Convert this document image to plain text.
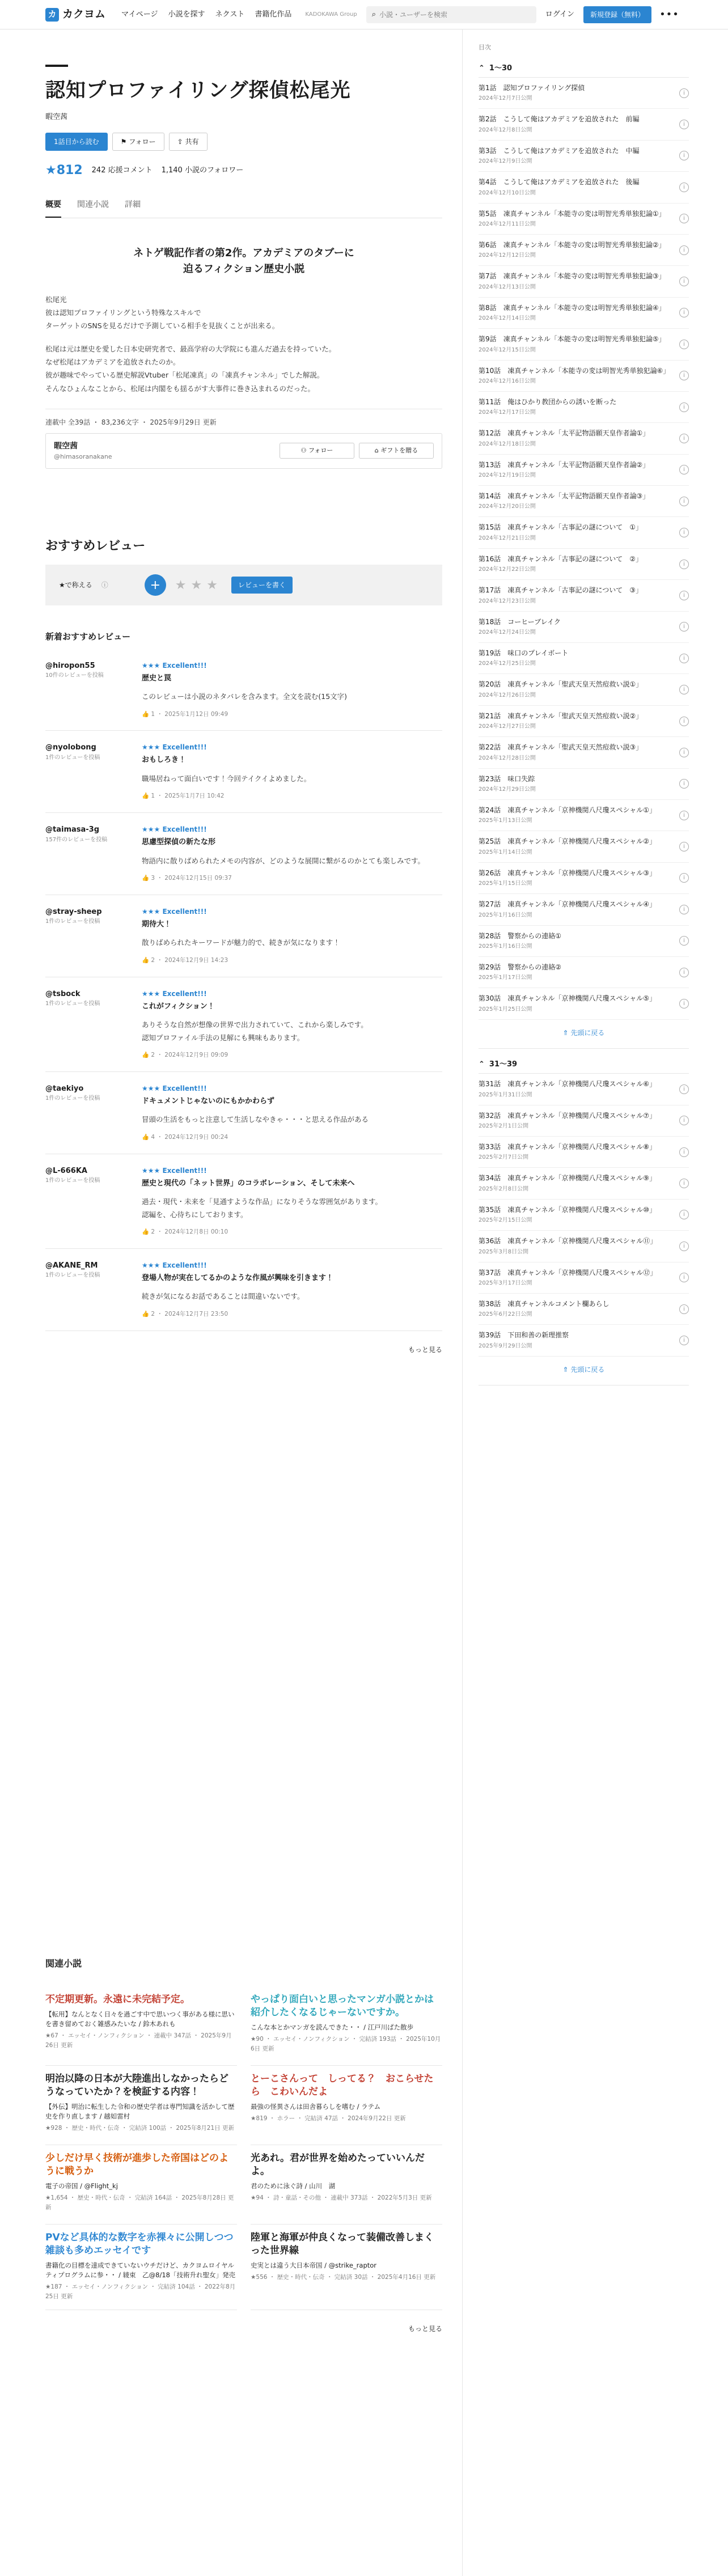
カ カクヨム マイページ 小説を探す ネクスト 書籍化作品 KADOKAWA Group ⌕
小説・ユーザーを検索	ログイン	新規登録（無料）	•••
認知プロファイリング探偵松尾光
暇空茜
1話目から読む	⚑ フォロー	⇧ 共有
★812 242 応援コメント 1,140 小説のフォロワー
概要 関連小説 詳細
ネトゲ戦記作者の第2作。アカデミアのタブーに迫るフィクション歴史小説

松尾光
彼は認知プロファイリングという特殊なスキルで
ターゲットのSNSを見るだけで予測している相手を見抜くことが出来る。

松尾は元は歴史を愛した日本史研究者で、最高学府の大学院にも進んだ過去を持っていた。
なぜ松尾はアカデミアを追放されたのか。
彼が趣味でやっている歴史解説Vtuber「松尾凍真」の「凍真チャンネル」でした解説。
そんなひょんなことから、松尾は内閣をも揺るがす大事件に巻き込まれるのだった。

連載中 全39話 ・ 83,236文字 ・ 2025年9月29日 更新
暇空茜
@himasoranakane
⚇ フォロー	⌂ ギフトを贈る
おすすめレビュー
★で称える ⓘ	+	★★★	レビューを書く
新着おすすめレビュー
@hiropon55
10件のレビューを投稿
★★★ Excellent!!!
歴史と罠
このレビューは小説のネタバレを含みます。全文を読む(15文字)
👍 1 ・ 2025年1月12日 09:49
@nyolobong
1件のレビューを投稿
★★★ Excellent!!!
おもしろき！
職場居ねって面白いです！今回テイクイよめました。
👍 1 ・ 2025年1月7日 10:42
@taimasa-3g
157件のレビューを投稿
★★★ Excellent!!!
思慮型探偵の新たな形
物語内に散りばめられたメモの内容が、どのような展開に繋がるのかとても楽しみです。
👍 3 ・ 2024年12月15日 09:37
@stray-sheep
1件のレビューを投稿
★★★ Excellent!!!
期待大！
散りばめられたキーワードが魅力的で、続きが気になります！
👍 2 ・ 2024年12月9日 14:23
@tsbock
1件のレビューを投稿
★★★ Excellent!!!
これがフィクション！
ありそうな自然が想像の世界で出力されていて、これから楽しみです。
認知プロファイル手法の見解にも興味もあります。
👍 2 ・ 2024年12月9日 09:09
@taekiyo
1件のレビューを投稿
★★★ Excellent!!!
ドキュメントじゃないのにもかかわらず
冒頭の生活をもっと注意して生活しなやきゃ・・・と思える作品がある
👍 4 ・ 2024年12月9日 00:24
@L-666KA
1件のレビューを投稿
★★★ Excellent!!!
歴史と現代の「ネット世界」のコラボレーション、そして未来へ
過去・現代・未来を「見通すような作品」になりそうな雰囲気があります。
認編を、心待ちにしております。
👍 2 ・ 2024年12月8日 00:10
@AKANE_RM
1件のレビューを投稿
★★★ Excellent!!!
登場人物が実在してるかのような作風が興味を引きます！
続きが気になるお話であることは間違いないです。
👍 2 ・ 2024年12月7日 23:50
もっと見る
関連小説
不定期更新。永遠に未完結予定。
【転用】なんとなく日々を過ごす中で思いつく事がある様に思いを書き留めておく雑感みたいな / 鈴木あれも
★67 ・ エッセイ・ノンフィクション ・ 連載中 347話 ・ 2025年9月26日 更新
やっぱり面白いと思ったマンガ小説とかは紹介したくなるじゃーないですか。
こんな本とかマンガを読んできた・・ / 江戸川ぱた散歩
★90 ・ エッセイ・ノンフィクション ・ 完結済 193話 ・ 2025年10月6日 更新
明治以降の日本が大陸進出しなかったらどうなっていたか？を検証する内容！
【外伝】明治に転生した令和の歴史学者は専門知識を活かして歴史を作り直します / 越如雷村
★928 ・ 歴史・時代・伝奇 ・ 完結済 100話 ・ 2025年8月21日 更新
とーこさんって　しってる？　おこらせたら　こわいんだよ
最強の怪異さんは田舎暮らしを嗜む / ラテム
★819 ・ ホラー ・ 完結済 47話 ・ 2024年9月22日 更新
少しだけ早く技術が進歩した帝国はどのように戦うか
電子の帝国 / @Flight_kj
★1,654 ・ 歴史・時代・伝奇 ・ 完結済 164話 ・ 2025年8月28日 更新
光あれ。君が世界を始めたっていいんだよ。
君のために泳ぐ詩 / 山川　湖
★94 ・ 詩・童話・その他 ・ 連載中 373話 ・ 2022年5月3日 更新
PVなど具体的な数字を赤裸々に公開しつつ雑談も多めエッセイです
書籍化の目標を達成できていないウチだけど、カクヨムロイヤルティプログラムに参・・ / 綾束　乙@8/18「技術升れ聖女」発売
★187 ・ エッセイ・ノンフィクション ・ 完結済 104話 ・ 2022年8月25日 更新
陸軍と海軍が仲良くなって装備改善しまくった世界線
史実とは違う大日本帝国 / @strike_raptor
★556 ・ 歴史・時代・伝奇 ・ 完結済 30話 ・ 2025年4月16日 更新
もっと見る
目次
⌃ 1〜30
第1話　認知プロファイリング探偵
2024年12月7日公開
i
第2話　こうして俺はアカデミアを追放された　前編
2024年12月8日公開
i
第3話　こうして俺はアカデミアを追放された　中編
2024年12月9日公開
i
第4話　こうして俺はアカデミアを追放された　後編
2024年12月10日公開
i
第5話　凍真チャンネル「本能寺の変は明智光秀単独犯論①」
2024年12月11日公開
i
第6話　凍真チャンネル「本能寺の変は明智光秀単独犯論②」
2024年12月12日公開
i
第7話　凍真チャンネル「本能寺の変は明智光秀単独犯論③」
2024年12月13日公開
i
第8話　凍真チャンネル「本能寺の変は明智光秀単独犯論④」
2024年12月14日公開
i
第9話　凍真チャンネル「本能寺の変は明智光秀単独犯論⑤」
2024年12月15日公開
i
第10話　凍真チャンネル「本能寺の変は明智光秀単独犯論⑥」
2024年12月16日公開
i
第11話　俺はひかり教団からの誘いを断った
2024年12月17日公開
i
第12話　凍真チャンネル「太平記物語願天皇作者論①」
2024年12月18日公開
i
第13話　凍真チャンネル「太平記物語願天皇作者論②」
2024年12月19日公開
i
第14話　凍真チャンネル「太平記物語願天皇作者論③」
2024年12月20日公開
i
第15話　凍真チャンネル「古事記の謎について　①」
2024年12月21日公開
i
第16話　凍真チャンネル「古事記の謎について　②」
2024年12月22日公開
i
第17話　凍真チャンネル「古事記の謎について　③」
2024年12月23日公開
i
第18話　コーヒーブレイク
2024年12月24日公開
i
第19話　味口のプレイボート
2024年12月25日公開
i
第20話　凍真チャンネル「聖武天皇天然痘救い説①」
2024年12月26日公開
i
第21話　凍真チャンネル「聖武天皇天然痘救い説②」
2024年12月27日公開
i
第22話　凍真チャンネル「聖武天皇天然痘救い説③」
2024年12月28日公開
i
第23話　味口失踪
2024年12月29日公開
i
第24話　凍真チャンネル「京神機関八尺瓊スペシャル①」
2025年1月13日公開
i
第25話　凍真チャンネル「京神機関八尺瓊スペシャル②」
2025年1月14日公開
i
第26話　凍真チャンネル「京神機関八尺瓊スペシャル③」
2025年1月15日公開
i
第27話　凍真チャンネル「京神機関八尺瓊スペシャル④」
2025年1月16日公開
i
第28話　警察からの連絡①
2025年1月16日公開
i
第29話　警察からの連絡②
2025年1月17日公開
i
第30話　凍真チャンネル「京神機関八尺瓊スペシャル⑤」
2025年1月25日公開
i
⇑ 先頭に戻る
⌃ 31〜39
第31話　凍真チャンネル「京神機関八尺瓊スペシャル⑥」
2025年1月31日公開
i
第32話　凍真チャンネル「京神機関八尺瓊スペシャル⑦」
2025年2月1日公開
i
第33話　凍真チャンネル「京神機関八尺瓊スペシャル⑧」
2025年2月7日公開
i
第34話　凍真チャンネル「京神機関八尺瓊スペシャル⑨」
2025年2月8日公開
i
第35話　凍真チャンネル「京神機関八尺瓊スペシャル⑩」
2025年2月15日公開
i
第36話　凍真チャンネル「京神機関八尺瓊スペシャル⑪」
2025年3月8日公開
i
第37話　凍真チャンネル「京神機関八尺瓊スペシャル⑫」
2025年3月17日公開
i
第38話　凍真チャンネルコメント欄あらし
2025年6月22日公開
i
第39話　下田和善の新理推察
2025年9月29日公開
i
⇑ 先頭に戻る
